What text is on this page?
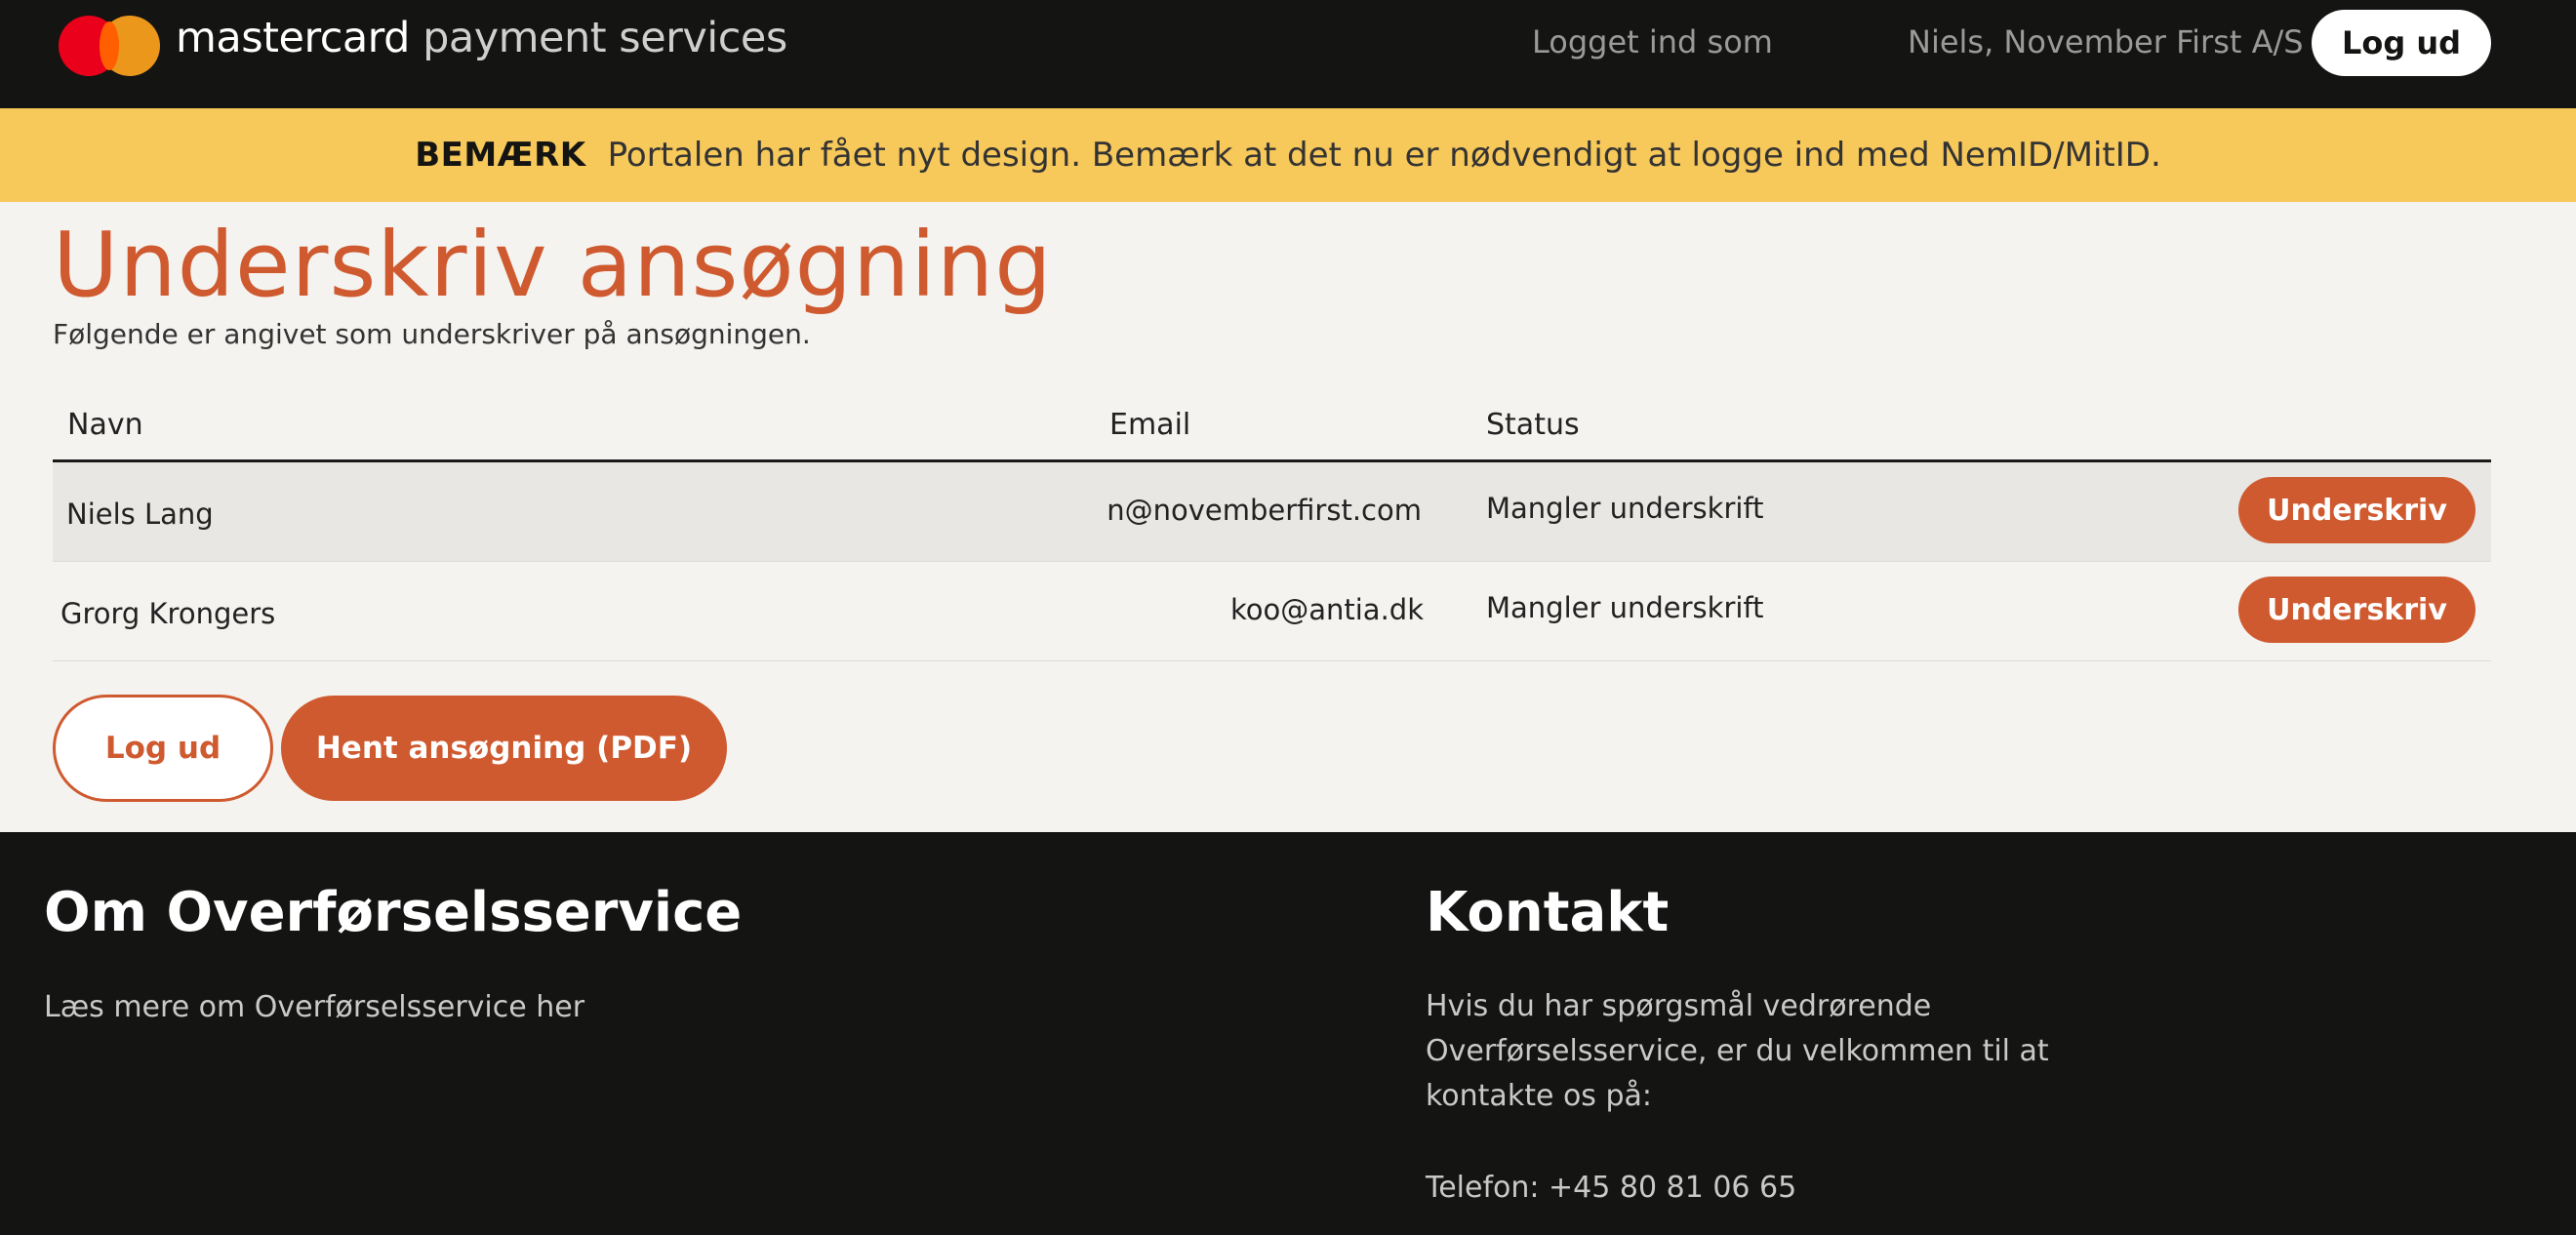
mastercard payment services	Logget ind som	Niels, November First A/S	Log ud
BEMÆRK Portalen har fået nyt design. Bemærk at det nu er nødvendigt at logge ind med NemID/MitID.
Underskriv ansøgning

Følgende er angivet som underskriver på ansøgningen.

Navn	Email	Status
Niels Lang	n@novemberfirst.com Mangler underskrift	Underskriv
Grorg Krongers	koo@antia.dk Mangler underskrift	Underskriv
Log ud	Hent ansøgning (PDF)
Om Overførselsservice
Læs mere om Overførselsservice her
Kontakt

Hvis du har spørgsmål vedrørende Overførselsservice, er du velkommen til at kontakte os på:

Telefon: +45 80 81 06 65
